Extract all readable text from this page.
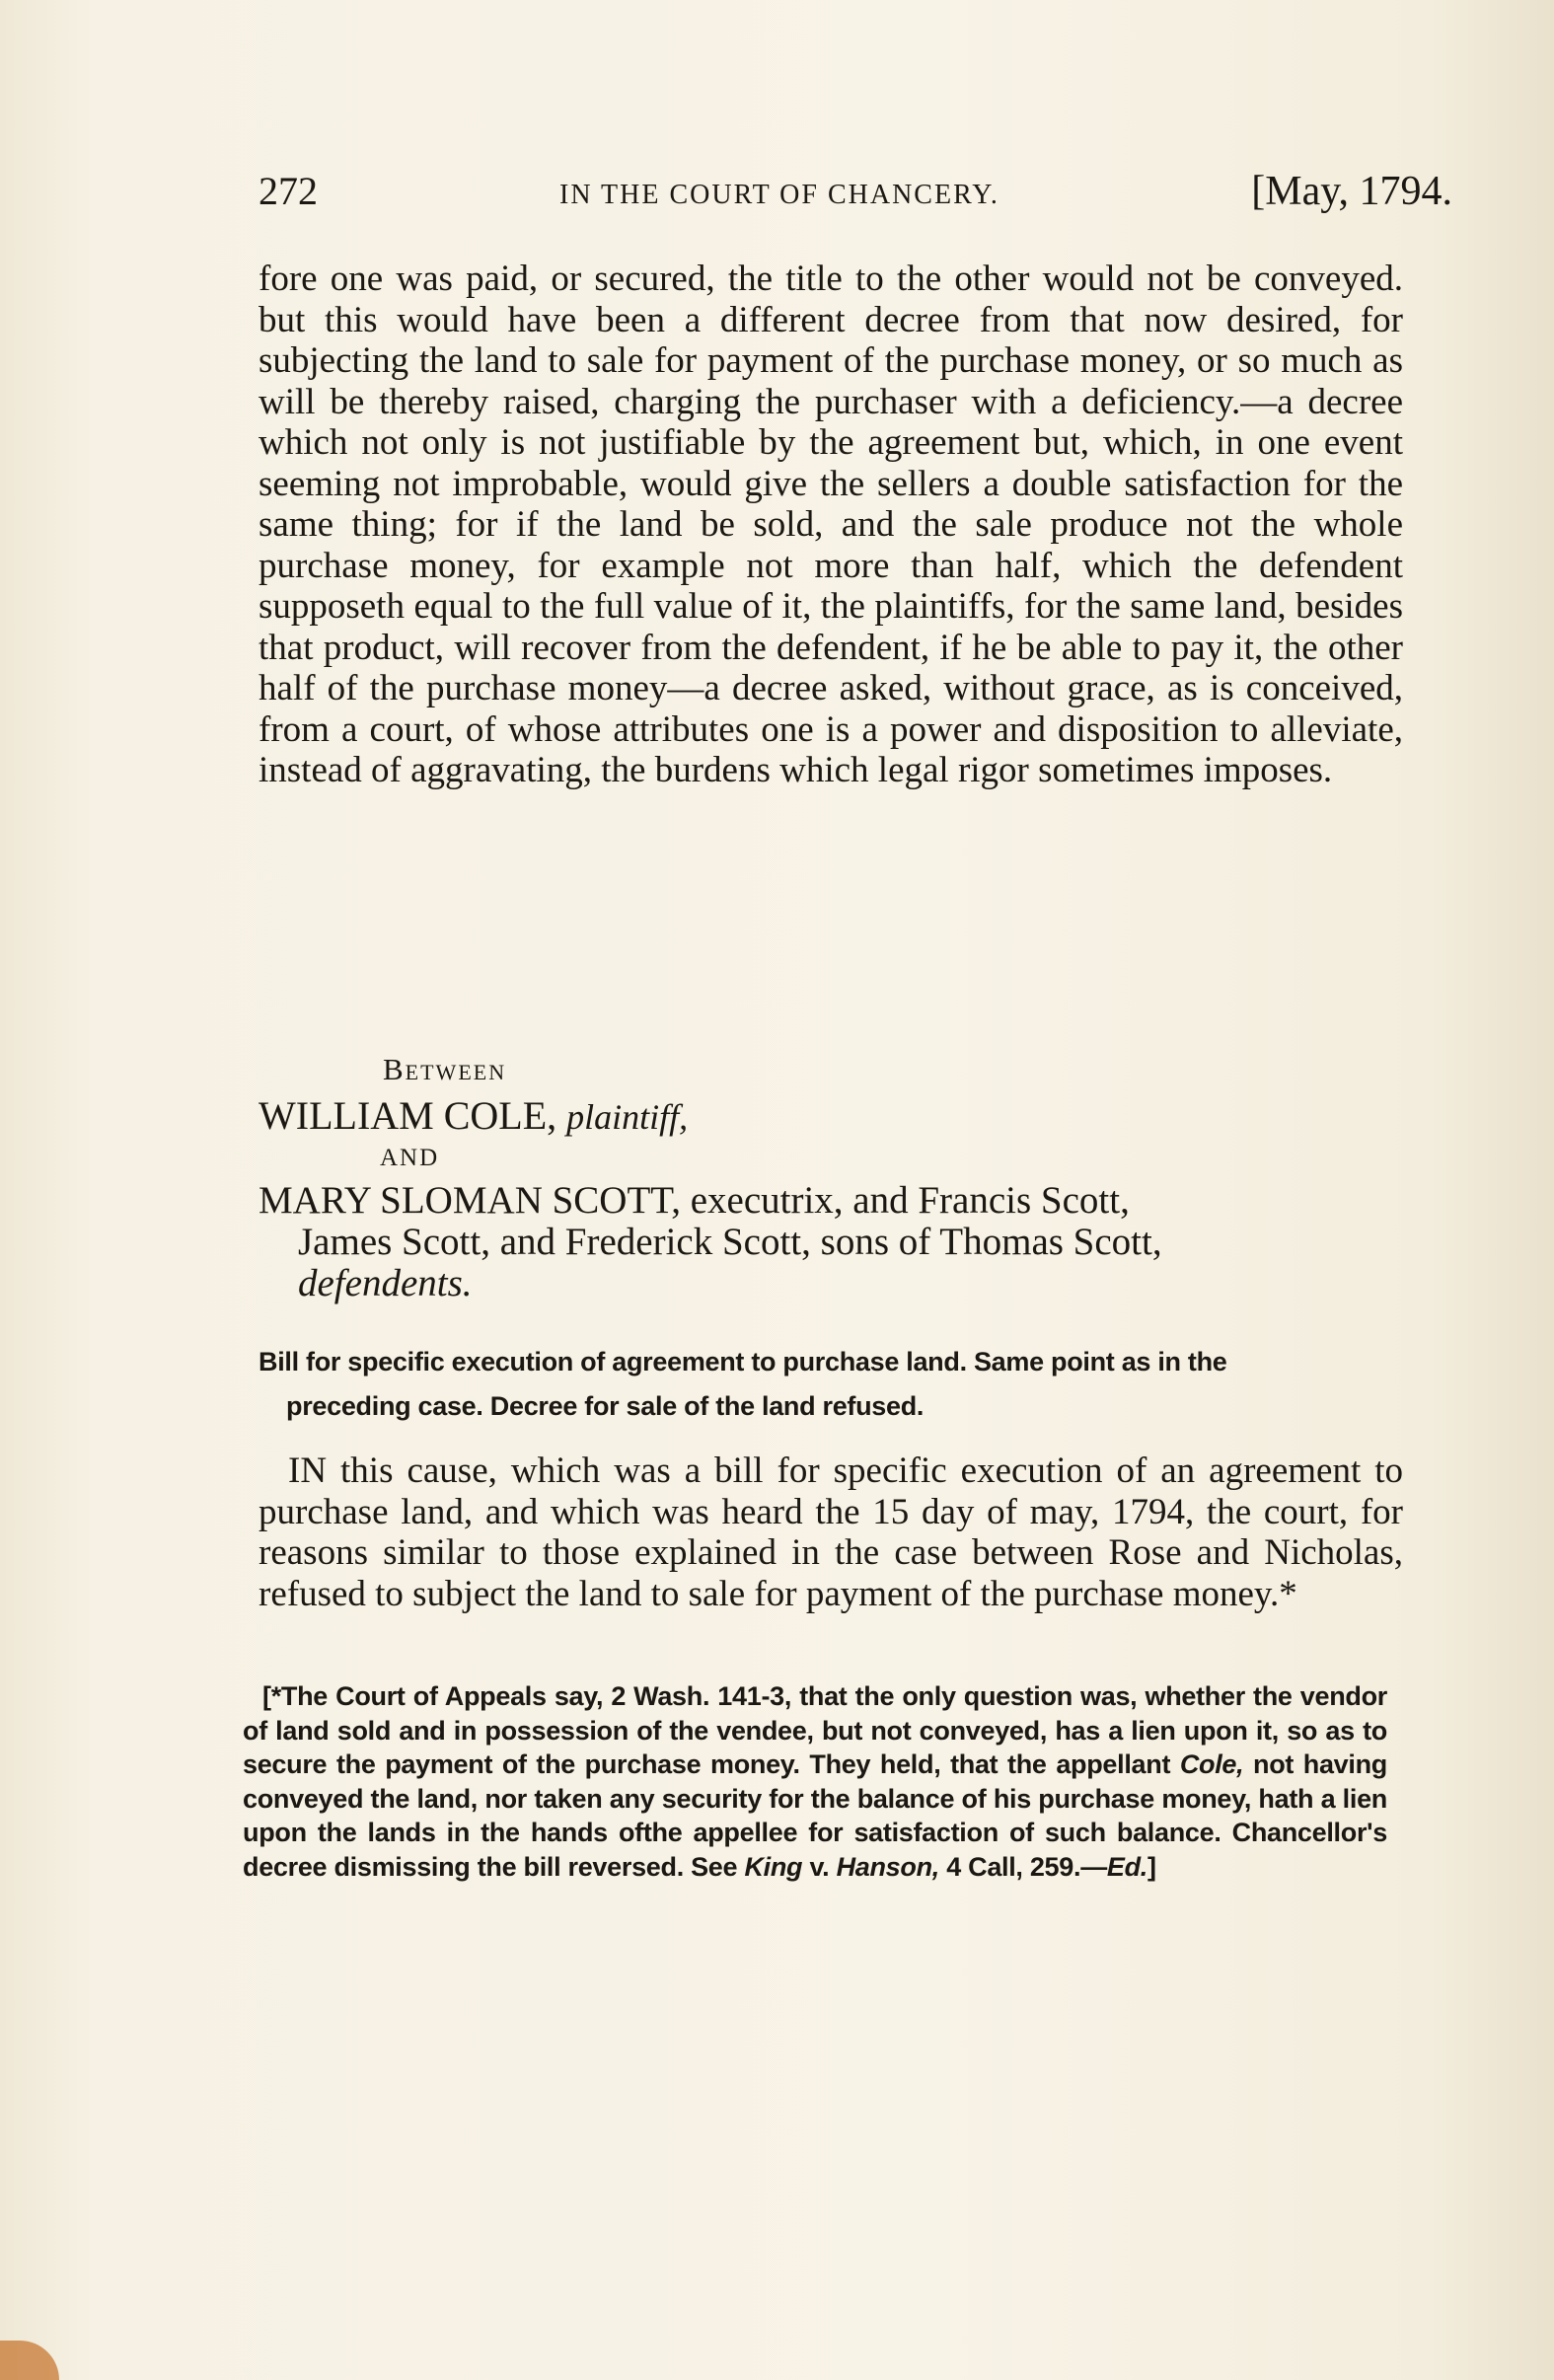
272	IN THE COURT OF CHANCERY.	[May, 1794.

fore one was paid, or secured, the title to the other would not be conveyed. but this would have been a different decree from that now desired, for subjecting the land to sale for payment of the purchase money, or so much as will be thereby raised, charging the purchaser with a deficiency.—a decree which not only is not justifiable by the agreement but, which, in one event seeming not improbable, would give the sellers a double satisfaction for the same thing; for if the land be sold, and the sale produce not the whole purchase money, for example not more than half, which the defendent supposeth equal to the full value of it, the plaintiffs, for the same land, besides that product, will recover from the defendent, if he be able to pay it, the other half of the purchase money—a decree asked, without grace, as is conceived, from a court, of whose attributes one is a power and disposition to alleviate, instead of aggravating, the burdens which legal rigor sometimes imposes.

Between
WILLIAM COLE, plaintiff,
AND
MARY SLOMAN SCOTT, executrix, and Francis Scott,
James Scott, and Frederick Scott, sons of Thomas Scott,
defendents.
Bill for specific execution of agreement to purchase land. Same point as in the
preceding case. Decree for sale of the land refused.

IN this cause, which was a bill for specific execution of an agreement to purchase land, and which was heard the 15 day of may, 1794, the court, for reasons similar to those explained in the case between Rose and Nicholas, refused to subject the land to sale for payment of the purchase money.*

[*The Court of Appeals say, 2 Wash. 141-3, that the only question was, whether the vendor of land sold and in possession of the vendee, but not conveyed, has a lien upon it, so as to secure the payment of the purchase money. They held, that the appellant Cole, not having conveyed the land, nor taken any security for the balance of his purchase money, hath a lien upon the lands in the hands ofthe appellee for satisfaction of such balance. Chancellor's decree dismissing the bill reversed. See King v. Hanson, 4 Call, 259.—Ed.]
